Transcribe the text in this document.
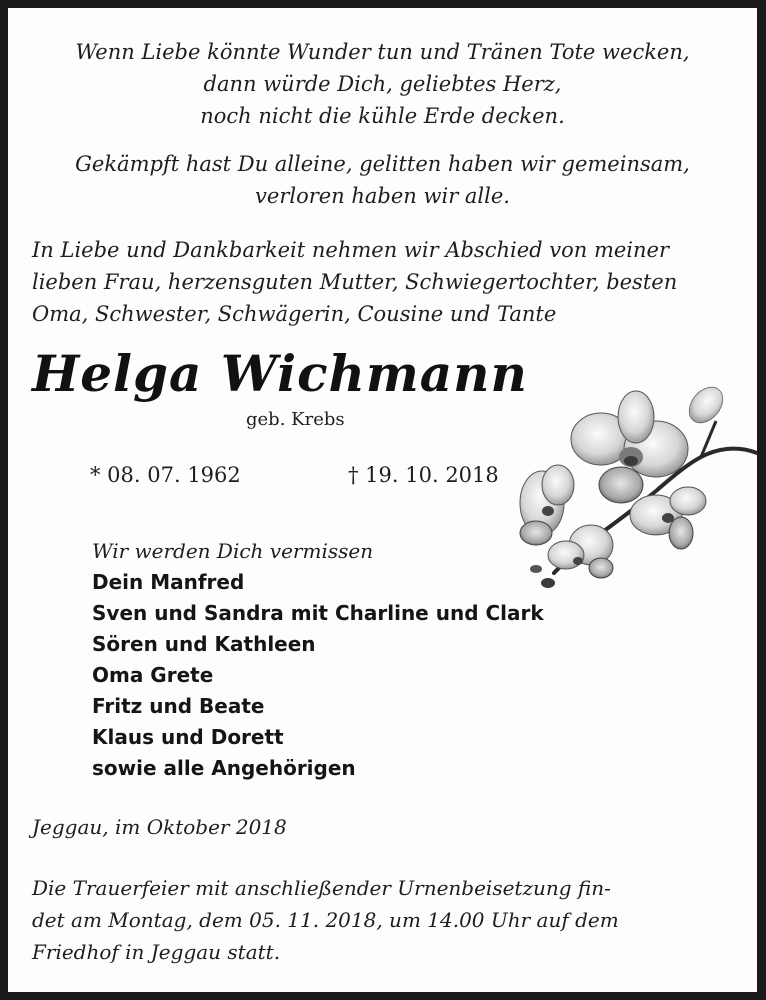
Wenn Liebe könnte Wunder tun und Tränen Tote wecken,
dann würde Dich, geliebtes Herz,
noch nicht die kühle Erde decken.
Gekämpft hast Du alleine, gelitten haben wir gemeinsam,
verloren haben wir alle.
In Liebe und Dankbarkeit nehmen wir Abschied von meiner
lieben Frau, herzensguten Mutter, Schwiegertochter, besten
Oma, Schwester, Schwägerin, Cousine und Tante
Helga Wichmann
geb. Krebs
* 08. 07. 1962	† 19. 10. 2018
Wir werden Dich vermissen
Dein Manfred
Sven und Sandra mit Charline und Clark
Sören und Kathleen
Oma Grete
Fritz und Beate
Klaus und Dorett
sowie alle Angehörigen
Jeggau, im Oktober 2018
Die Trauerfeier mit anschließender Urnenbeisetzung fin-
det am Montag, dem 05. 11. 2018, um 14.00 Uhr auf dem
Friedhof in Jeggau statt.
